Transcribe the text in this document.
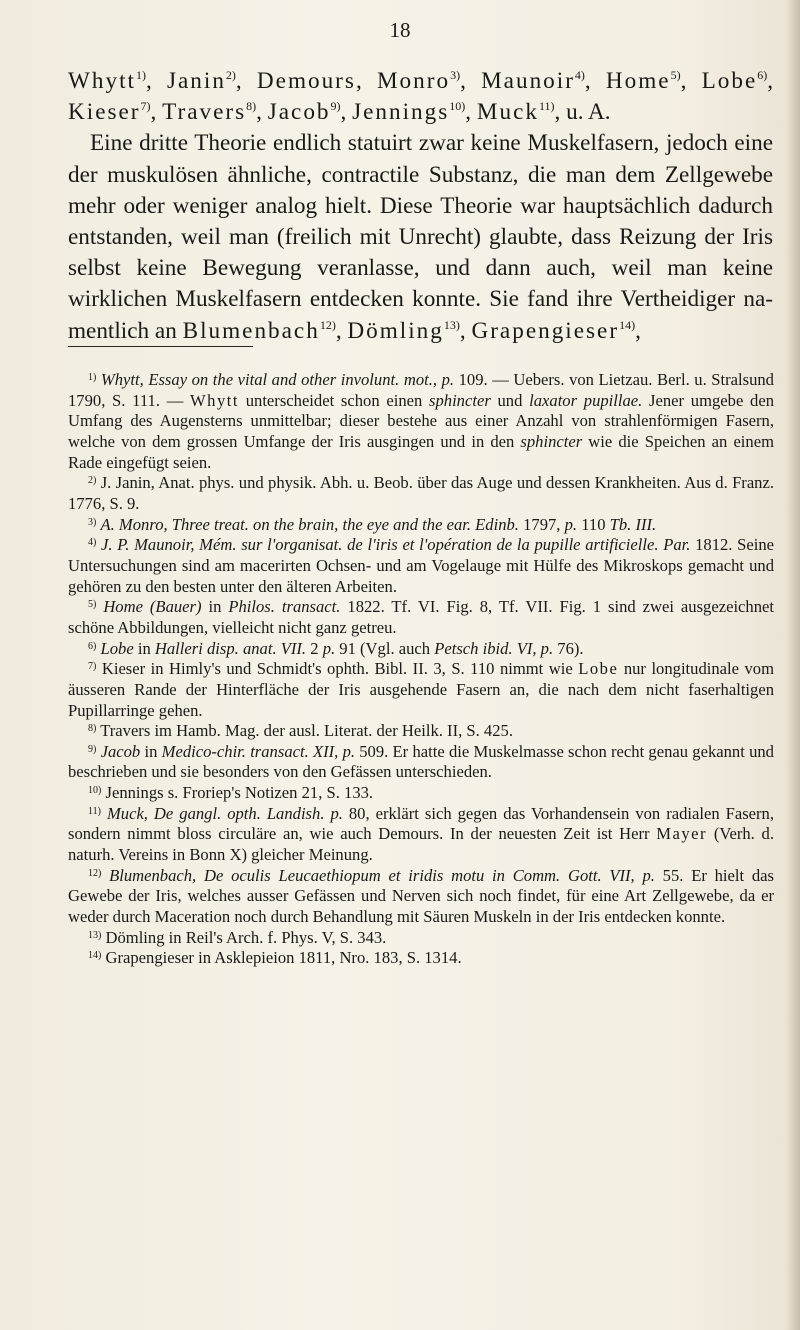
18

Whytt$^{1)}$, Janin$^{2)}$, Demours, Monro$^{3)}$, Maunoir$^{4)}$, Home$^{5)}$, Lobe$^{6)}$, Kieser$^{7)}$, Travers$^{8)}$, Jacob$^{9)}$, Jennings$^{10)}$, Muck$^{11)}$, u. A.

Eine dritte Theorie endlich statuirt zwar keine Muskelfasern, jedoch eine der muskulösen ähnliche, contractile Substanz, die man dem Zellgewebe mehr oder weniger analog hielt. Diese Theorie war hauptsächlich dadurch entstanden, weil man (freilich mit Unrecht) glaubte, dass Reizung der Iris selbst keine Bewegung veranlasse, und dann auch, weil man keine wirklichen Muskelfasern entdecken konnte. Sie fand ihre Vertheidiger namentlich an Blumenbach$^{12)}$, Dömling$^{13)}$, Grapengieser$^{14)}$,

$^{1)}$ Whytt, Essay on the vital and other involunt. mot., p. 109. — Uebers. von Lietzau. Berl. u. Stralsund 1790, S. 111. — Whytt unterscheidet schon einen sphincter und laxator pupillae. Jener umgebe den Umfang des Augensterns unmittelbar; dieser bestehe aus einer Anzahl von strahlenförmigen Fasern, welche von dem grossen Umfange der Iris ausgingen und in den sphincter wie die Speichen an einem Rade eingefügt seien.

$^{2)}$ J. Janin, Anat. phys. und physik. Abh. u. Beob. über das Auge und dessen Krankheiten. Aus d. Franz. 1776, S. 9.

$^{3)}$ A. Monro, Three treat. on the brain, the eye and the ear. Edinb. 1797, p. 110 Tb. III.

$^{4)}$ J. P. Maunoir, Mém. sur l'organisat. de l'iris et l'opération de la pupille artificielle. Par. 1812. Seine Untersuchungen sind am macerirten Ochsen- und am Vogelauge mit Hülfe des Mikroskops gemacht und gehören zu den besten unter den älteren Arbeiten.

$^{5)}$ Home (Bauer) in Philos. transact. 1822. Tf. VI. Fig. 8, Tf. VII. Fig. 1 sind zwei ausgezeichnet schöne Abbildungen, vielleicht nicht ganz getreu.

$^{6)}$ Lobe in Halleri disp. anat. VII. 2 p. 91 (Vgl. auch Petsch ibid. VI, p. 76).

$^{7)}$ Kieser in Himly's und Schmidt's ophth. Bibl. II. 3, S. 110 nimmt wie Lobe nur longitudinale vom äusseren Rande der Hinterfläche der Iris ausgehende Fasern an, die nach dem nicht faserhaltigen Pupillarringe gehen.

$^{8)}$ Travers im Hamb. Mag. der ausl. Literat. der Heilk. II, S. 425.

$^{9)}$ Jacob in Medico-chir. transact. XII, p. 509. Er hatte die Muskelmasse schon recht genau gekannt und beschrieben und sie besonders von den Gefässen unterschieden.

$^{10)}$ Jennings s. Froriep's Notizen 21, S. 133.

$^{11)}$ Muck, De gangl. opth. Landish. p. 80, erklärt sich gegen das Vorhandensein von radialen Fasern, sondern nimmt bloss circuläre an, wie auch Demours. In der neuesten Zeit ist Herr Mayer (Verh. d. naturh. Vereins in Bonn X) gleicher Meinung.

$^{12)}$ Blumenbach, De oculis Leucaethiopum et iridis motu in Comm. Gott. VII, p. 55. Er hielt das Gewebe der Iris, welches ausser Gefässen und Nerven sich noch findet, für eine Art Zellgewebe, da er weder durch Maceration noch durch Behandlung mit Säuren Muskeln in der Iris entdecken konnte.

$^{13)}$ Dömling in Reil's Arch. f. Phys. V, S. 343.

$^{14)}$ Grapengieser in Asklepieion 1811, Nro. 183, S. 1314.
